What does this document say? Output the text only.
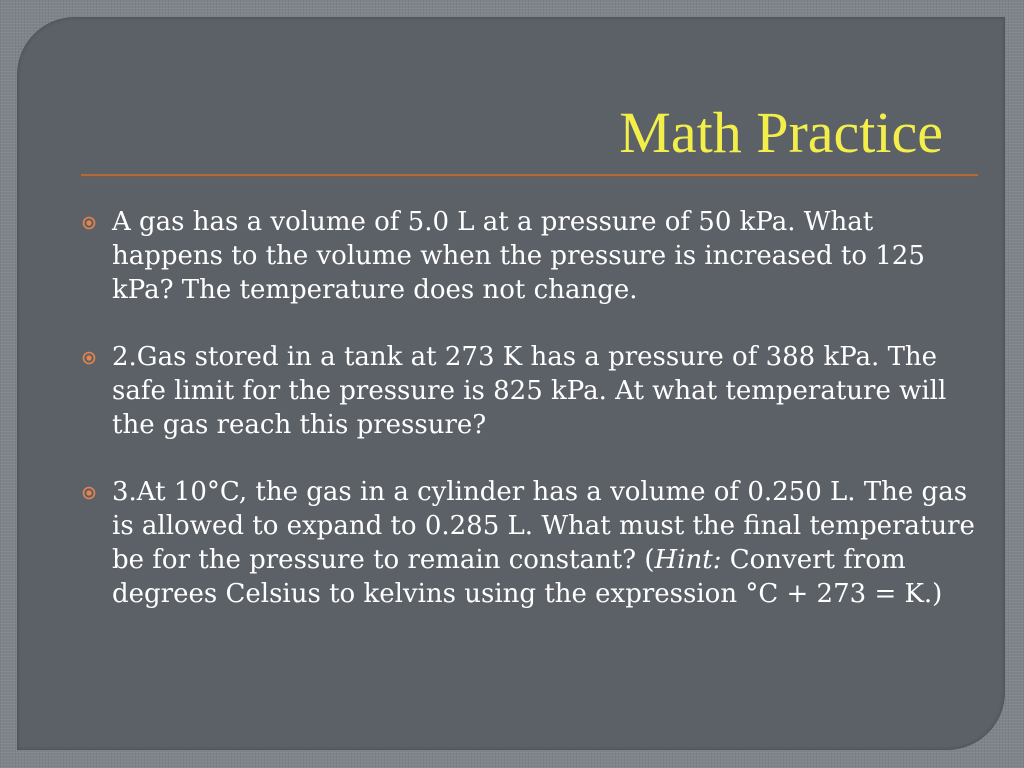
Math Practice
A gas has a volume of 5.0 L at a pressure of 50 kPa. What happens to the volume when the pressure is increased to 125 kPa? The temperature does not change.
2.Gas stored in a tank at 273 K has a pressure of 388 kPa. The safe limit for the pressure is 825 kPa. At what temperature will the gas reach this pressure?
3.At 10°C, the gas in a cylinder has a volume of 0.250 L. The gas is allowed to expand to 0.285 L. What must the final temperature be for the pressure to remain constant? (Hint: Convert from degrees Celsius to kelvins using the expression °C + 273 = K.)
